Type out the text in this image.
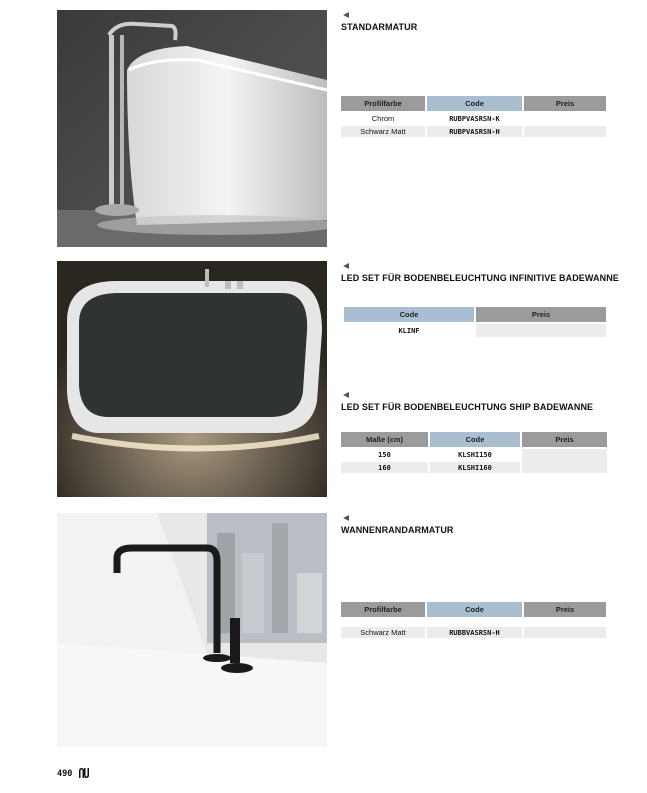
STANDARMATUR
Profilfarbe	Code	Preis
Chrom	RUBPVASRSN-K	
Schwarz Matt	RUBPVASRSN-H	
LED SET FÜR BODENBELEUCHTUNG INFINITIVE BADEWANNE
Code	Preis
KLINF	
LED SET FÜR BODENBELEUCHTUNG SHIP BADEWANNE
Maße (cm)	Code	Preis
150	KLSHI150	
160	KLSHI160	
WANNENRANDARMATUR
Profilfarbe	Code	Preis

Schwarz Matt	RUBBVASRSN-H	
490
